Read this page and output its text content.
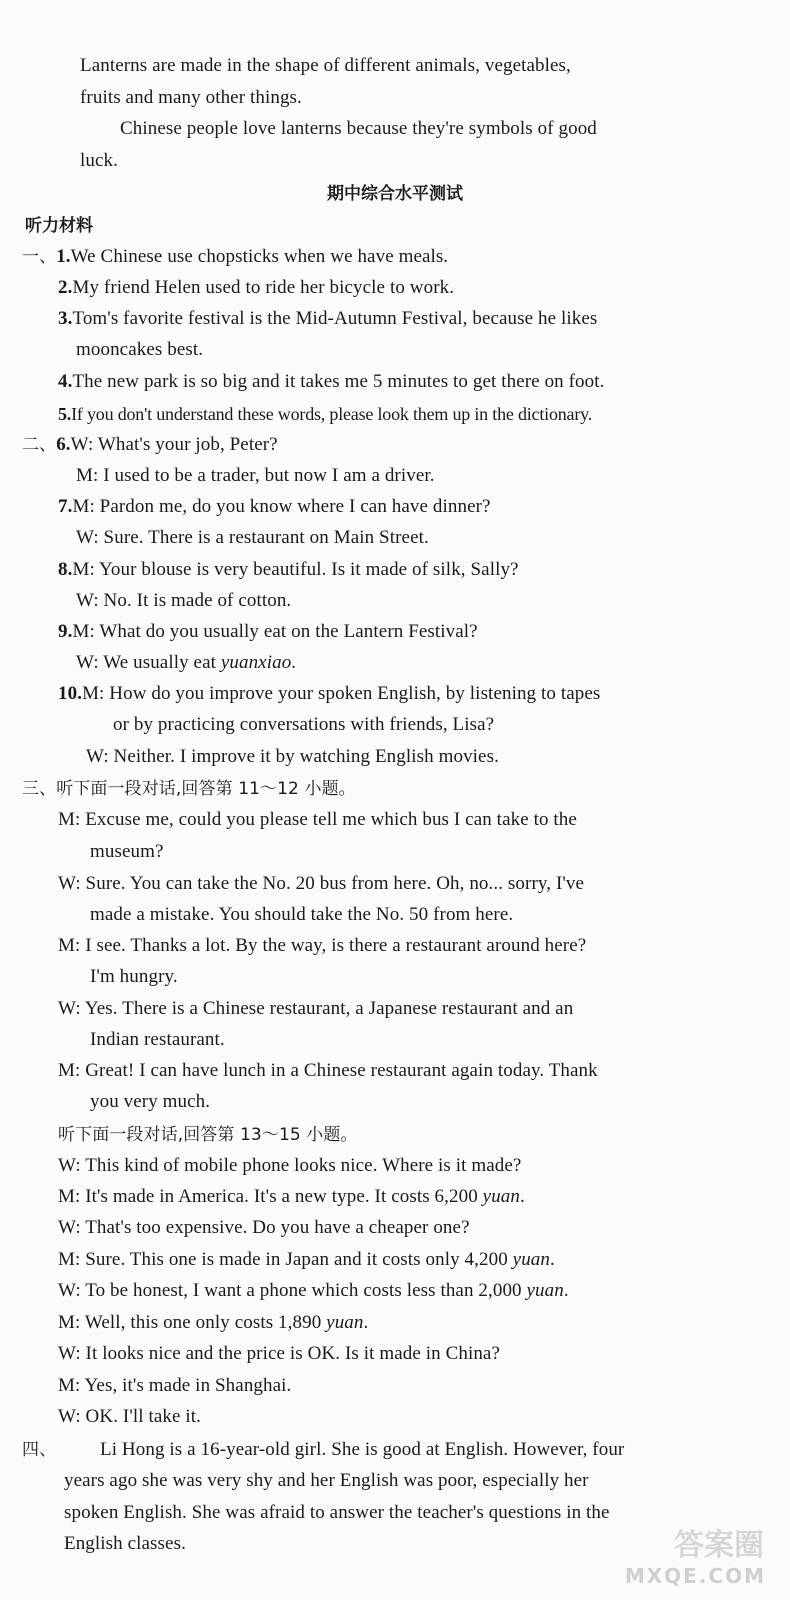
Lanterns are made in the shape of different animals, vegetables,
fruits and many other things.
Chinese people love lanterns because they're symbols of good
luck.
期中综合水平测试
听力材料
一、1.We Chinese use chopsticks when we have meals.
2.My friend Helen used to ride her bicycle to work.
3.Tom's favorite festival is the Mid-Autumn Festival, because he likes
mooncakes best.
4.The new park is so big and it takes me 5 minutes to get there on foot.
5.If you don't understand these words, please look them up in the dictionary.
二、6.W: What's your job, Peter?
M: I used to be a trader, but now I am a driver.
7.M: Pardon me, do you know where I can have dinner?
W: Sure. There is a restaurant on Main Street.
8.M: Your blouse is very beautiful. Is it made of silk, Sally?
W: No. It is made of cotton.
9.M: What do you usually eat on the Lantern Festival?
W: We usually eat yuanxiao.
10.M: How do you improve your spoken English, by listening to tapes
or by practicing conversations with friends, Lisa?
W: Neither. I improve it by watching English movies.
三、听下面一段对话,回答第 11～12 小题。
M: Excuse me, could you please tell me which bus I can take to the
museum?
W: Sure. You can take the No. 20 bus from here. Oh, no... sorry, I've
made a mistake. You should take the No. 50 from here.
M: I see. Thanks a lot. By the way, is there a restaurant around here?
I'm hungry.
W: Yes. There is a Chinese restaurant, a Japanese restaurant and an
Indian restaurant.
M: Great! I can have lunch in a Chinese restaurant again today. Thank
you very much.
听下面一段对话,回答第 13～15 小题。
W: This kind of mobile phone looks nice. Where is it made?
M: It's made in America. It's a new type. It costs 6,200 yuan.
W: That's too expensive. Do you have a cheaper one?
M: Sure. This one is made in Japan and it costs only 4,200 yuan.
W: To be honest, I want a phone which costs less than 2,000 yuan.
M: Well, this one only costs 1,890 yuan.
W: It looks nice and the price is OK. Is it made in China?
M: Yes, it's made in Shanghai.
W: OK. I'll take it.
四、 Li Hong is a 16-year-old girl. She is good at English. However, four
years ago she was very shy and her English was poor, especially her
spoken English. She was afraid to answer the teacher's questions in the
English classes.	答案圈
MXQE.COM
